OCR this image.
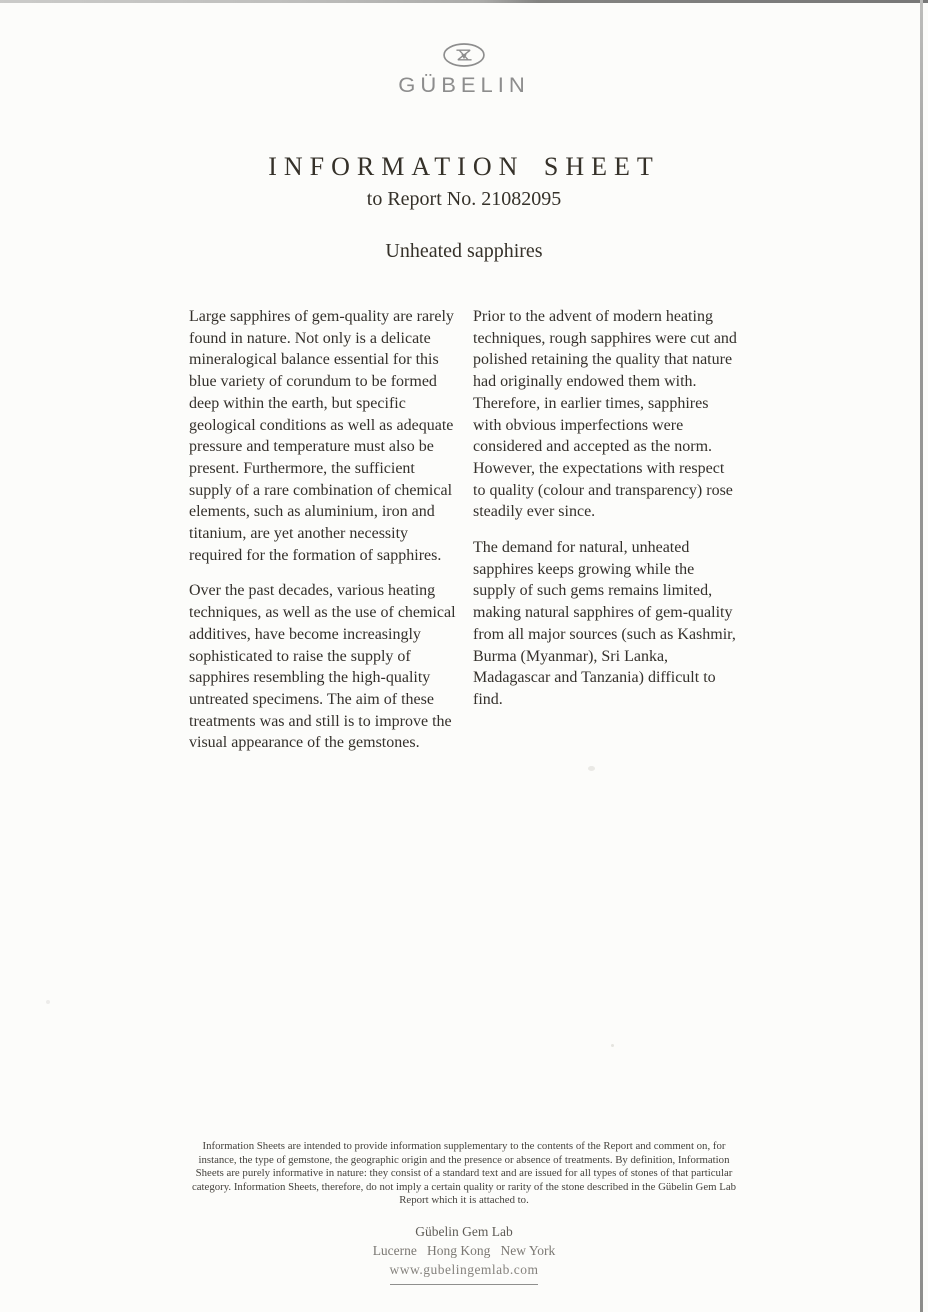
GÜBELIN
INFORMATION SHEET

to Report No. 21082095

Unheated sapphires

Large sapphires of gem-quality are rarely found in nature. Not only is a delicate mineralogical balance essential for this blue variety of corundum to be formed deep within the earth, but specific geological conditions as well as adequate pressure and temperature must also be present. Furthermore, the sufficient supply of a rare combination of chemical elements, such as aluminium, iron and titanium, are yet another necessity required for the formation of sapphires.

Over the past decades, various heating techniques, as well as the use of chemical additives, have become increasingly sophisticated to raise the supply of sapphires resembling the high-quality untreated specimens. The aim of these treatments was and still is to improve the visual appearance of the gemstones.

Prior to the advent of modern heating techniques, rough sapphires were cut and polished retaining the quality that nature had originally endowed them with. Therefore, in earlier times, sapphires with obvious imperfections were considered and accepted as the norm. However, the expectations with respect to quality (colour and transparency) rose steadily ever since.

The demand for natural, unheated sapphires keeps growing while the supply of such gems remains limited, making natural sapphires of gem-quality from all major sources (such as Kashmir, Burma (Myanmar), Sri Lanka, Madagascar and Tanzania) difficult to find.

Information Sheets are intended to provide information supplementary to the contents of the Report and comment on, for instance, the type of gemstone, the geographic origin and the presence or absence of treatments. By definition, Information Sheets are purely informative in nature: they consist of a standard text and are issued for all types of stones of that particular category. Information Sheets, therefore, do not imply a certain quality or rarity of the stone described in the Gübelin Gem Lab Report which it is attached to.
Gübelin Gem Lab
Lucerne   Hong Kong   New York
www.gubelingemlab.com
